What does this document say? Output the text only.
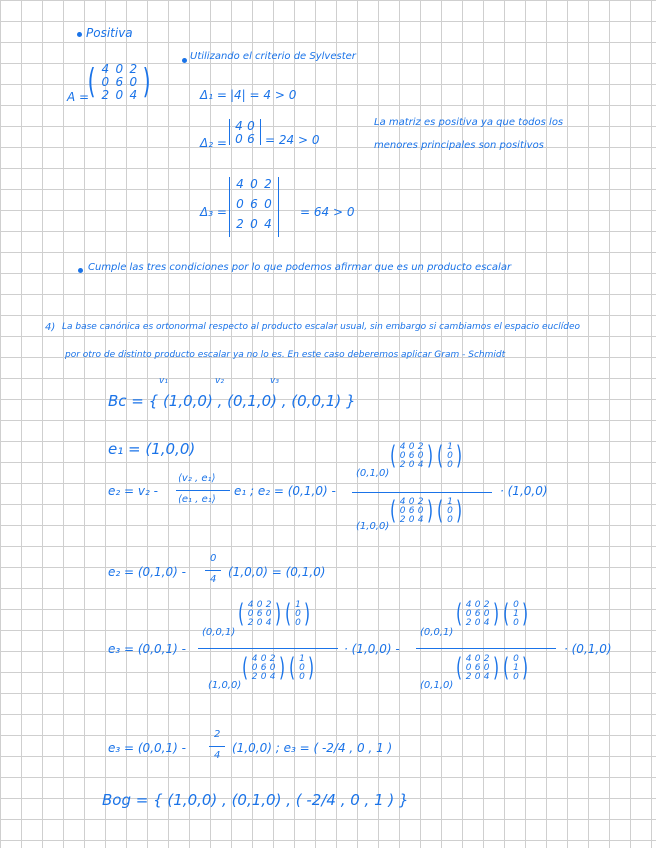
Positiva
A =
( 4 0 2
0 6 0
2 0 4 )
Utilizando el criterio de Sylvester
Δ₁ = |4| = 4 > 0
Δ₂ =
4 0
0 6 = 24 > 0
Δ₃ =
4 0 2
0 6 0
2 0 4
= 64 > 0
La matriz es positiva ya que todos los
menores principales son positivos
Cumple las tres condiciones por lo que podemos afirmar que es un producto escalar
4) La base canónica es ortonormal respecto al producto escalar usual, sin embargo si cambiamos el espacio euclídeo
por otro de distinto producto escalar ya no lo es. En este caso deberemos aplicar Gram - Schmidt
v₁	v₂	v₃
Bc = { (1,0,0) , (0,1,0) , (0,0,1) }
e₁ = (1,0,0)
e₂ = v₂ -
⟨v₂ , e₁⟩
⟨e₁ , e₁⟩
e₁ ; e₂ = (0,1,0) -
(0,1,0)
( 4 0 2
0 6 0
2 0 4 ) ( 1
0
0 )
(1,0,0)
( 4 0 2
0 6 0
2 0 4 ) ( 1
0
0 )
· (1,0,0)
e₂ = (0,1,0) -
0
4
(1,0,0) = (0,1,0)
e₃ = (0,0,1) -
(0,0,1)
( 4 0 2
0 6 0
2 0 4 ) ( 1
0
0 )
(1,0,0)
( 4 0 2
0 6 0
2 0 4 ) ( 1
0
0 )
· (1,0,0) -
(0,0,1)
( 4 0 2
0 6 0
2 0 4 ) ( 0
1
0 )
(0,1,0)
( 4 0 2
0 6 0
2 0 4 ) ( 0
1
0 )
· (0,1,0)
e₃ = (0,0,1) -
2
4
(1,0,0) ; e₃ = ( -2/4 , 0 , 1 )
Bog = { (1,0,0) , (0,1,0) , ( -2/4 , 0 , 1 ) }
